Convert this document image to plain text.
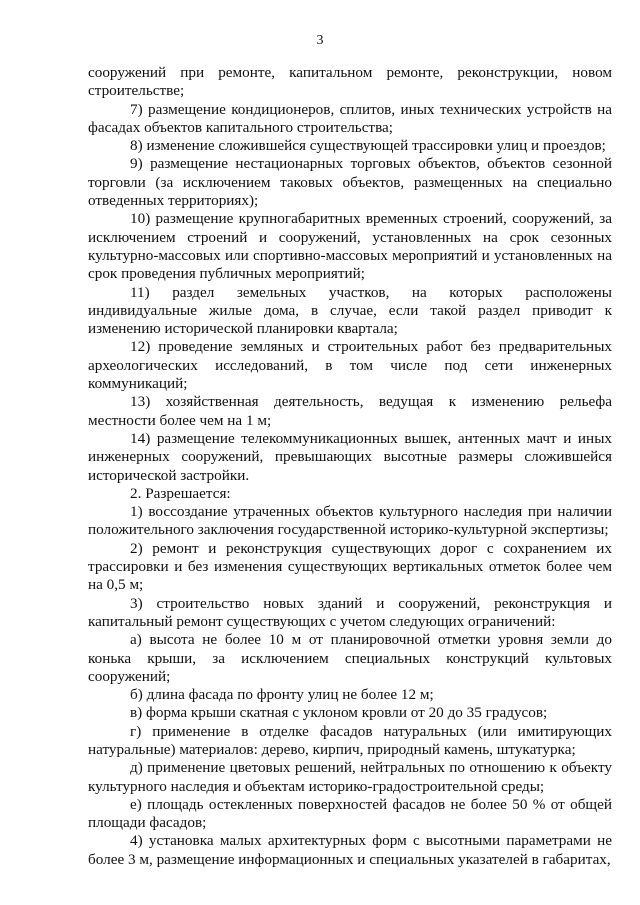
3

сооружений при ремонте, капитальном ремонте, реконструкции, новом строительстве;

7) размещение кондиционеров, сплитов, иных технических устройств на фасадах объектов капитального строительства;

8) изменение сложившейся существующей трассировки улиц и проездов;

9) размещение нестационарных торговых объектов, объектов сезонной торговли (за исключением таковых объектов, размещенных на специально отведенных территориях);

10) размещение крупногабаритных временных строений, сооружений, за исключением строений и сооружений, установленных на срок сезонных культурно-массовых или спортивно-массовых мероприятий и установленных на срок проведения публичных мероприятий;

11) раздел земельных участков, на которых расположены индивидуальные жилые дома, в случае, если такой раздел приводит к изменению исторической планировки квартала;

12) проведение земляных и строительных работ без предварительных археологических исследований, в том числе под сети инженерных коммуникаций;

13) хозяйственная деятельность, ведущая к изменению рельефа местности более чем на 1 м;

14) размещение телекоммуникационных вышек, антенных мачт и иных инженерных сооружений, превышающих высотные размеры сложившейся исторической застройки.

2. Разрешается:

1) воссоздание утраченных объектов культурного наследия при наличии положительного заключения государственной историко-культурной экспертизы;

2) ремонт и реконструкция существующих дорог с сохранением их трассировки и без изменения существующих вертикальных отметок более чем на 0,5 м;

3) строительство новых зданий и сооружений, реконструкция и капитальный ремонт существующих с учетом следующих ограничений:

а) высота не более 10 м от планировочной отметки уровня земли до конька крыши, за исключением специальных конструкций культовых сооружений;

б) длина фасада по фронту улиц не более 12 м;

в) форма крыши скатная с уклоном кровли от 20 до 35 градусов;

г) применение в отделке фасадов натуральных (или имитирующих натуральные) материалов: дерево, кирпич, природный камень, штукатурка;

д) применение цветовых решений, нейтральных по отношению к объекту культурного наследия и объектам историко-градостроительной среды;

е) площадь остекленных поверхностей фасадов не более 50 % от общей площади фасадов;

4) установка малых архитектурных форм с высотными параметрами не более 3 м, размещение информационных и специальных указателей в габаритах,
